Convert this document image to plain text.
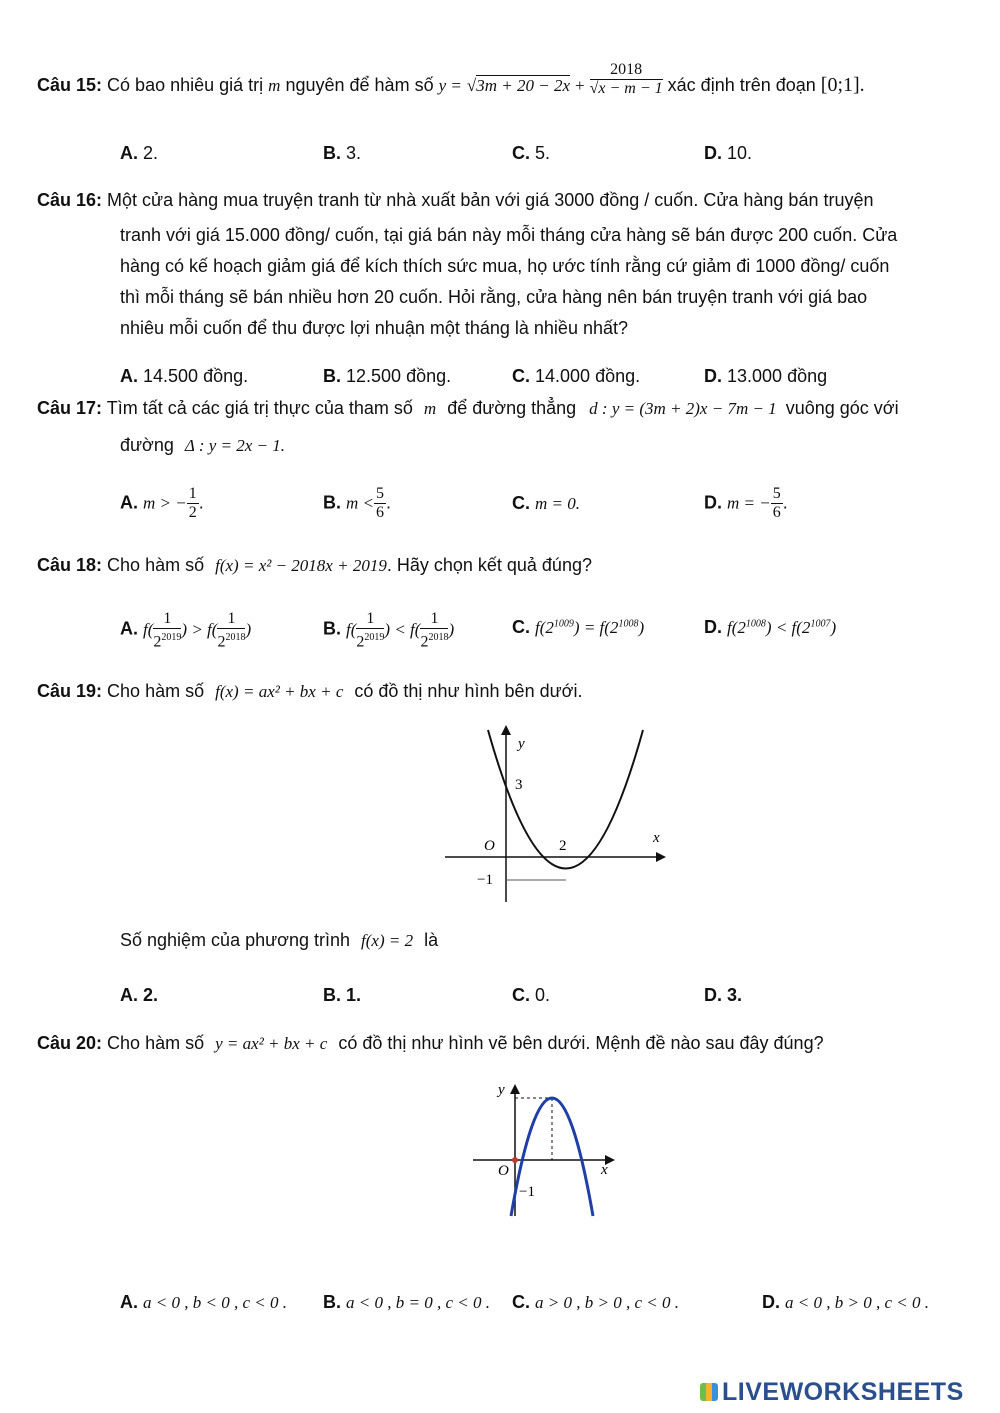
Câu 15: Có bao nhiêu giá trị m nguyên để hàm số $y = √3m + 20 - 2x + \frac{2018}{√x - m - 1}$ xác định trên đoạn [0;1].
A. 2.	B. 3.	C. 5.	D. 10.
Câu 16: Một cửa hàng mua truyện tranh từ nhà xuất bản với giá 3000 đồng / cuốn. Cửa hàng bán truyện
tranh với giá 15.000 đồng/ cuốn, tại giá bán này mỗi tháng cửa hàng sẽ bán được 200 cuốn. Cửa
hàng có kế hoạch giảm giá để kích thích sức mua, họ ước tính rằng cứ giảm đi 1000 đồng/ cuốn
thì mỗi tháng sẽ bán nhiều hơn 20 cuốn. Hỏi rằng, cửa hàng nên bán truyện tranh với giá bao
nhiêu mỗi cuốn để thu được lợi nhuận một tháng là nhiều nhất?
A. 14.500 đồng.	B. 12.500 đồng.	C. 14.000 đồng.	D. 13.000 đồng
Câu 17: Tìm tất cả các giá trị thực của tham số m để đường thẳng d : y = (3m + 2)x − 7m − 1 vuông góc với
đường Δ : y = 2x − 1.
A. m > − $\frac{1}{2}$ .	B. $m < \frac{5}{6}$ .	C. m = 0.	D. m = − $\frac{5}{6}$ .
Câu 18: Cho hàm số f(x) = x² − 2018x + 2019. Hãy chọn kết quả đúng?
A. $f( \frac{1}{2^{2019}}$ ) > $f( \frac{1}{2^{2018}}$ )	B. $f( \frac{1}{2^{2019}}$ ) < $f( \frac{1}{2^{2018}}$ )	C. $f(2^{1009}) = f(2^{1008})$	D. $f(2^{1008}) < f(2^{1007})$
Câu 19: Cho hàm số f(x) = ax² + bx + c có đồ thị như hình bên dưới.
y
x
O
3
2
−1
Số nghiệm của phương trình f(x) = 2 là
A. 2.	B. 1.	C. 0.	D. 3.
Câu 20: Cho hàm số y = ax² + bx + c có đồ thị như hình vẽ bên dưới. Mệnh đề nào sau đây đúng?
y
x
O
−1
A. a < 0 , b < 0 , c < 0 . B. a < 0 , b = 0 , c < 0 . C. a > 0 , b > 0 , c < 0 .	D. a < 0 , b > 0 , c < 0 .
LIVEWORKSHEETS
